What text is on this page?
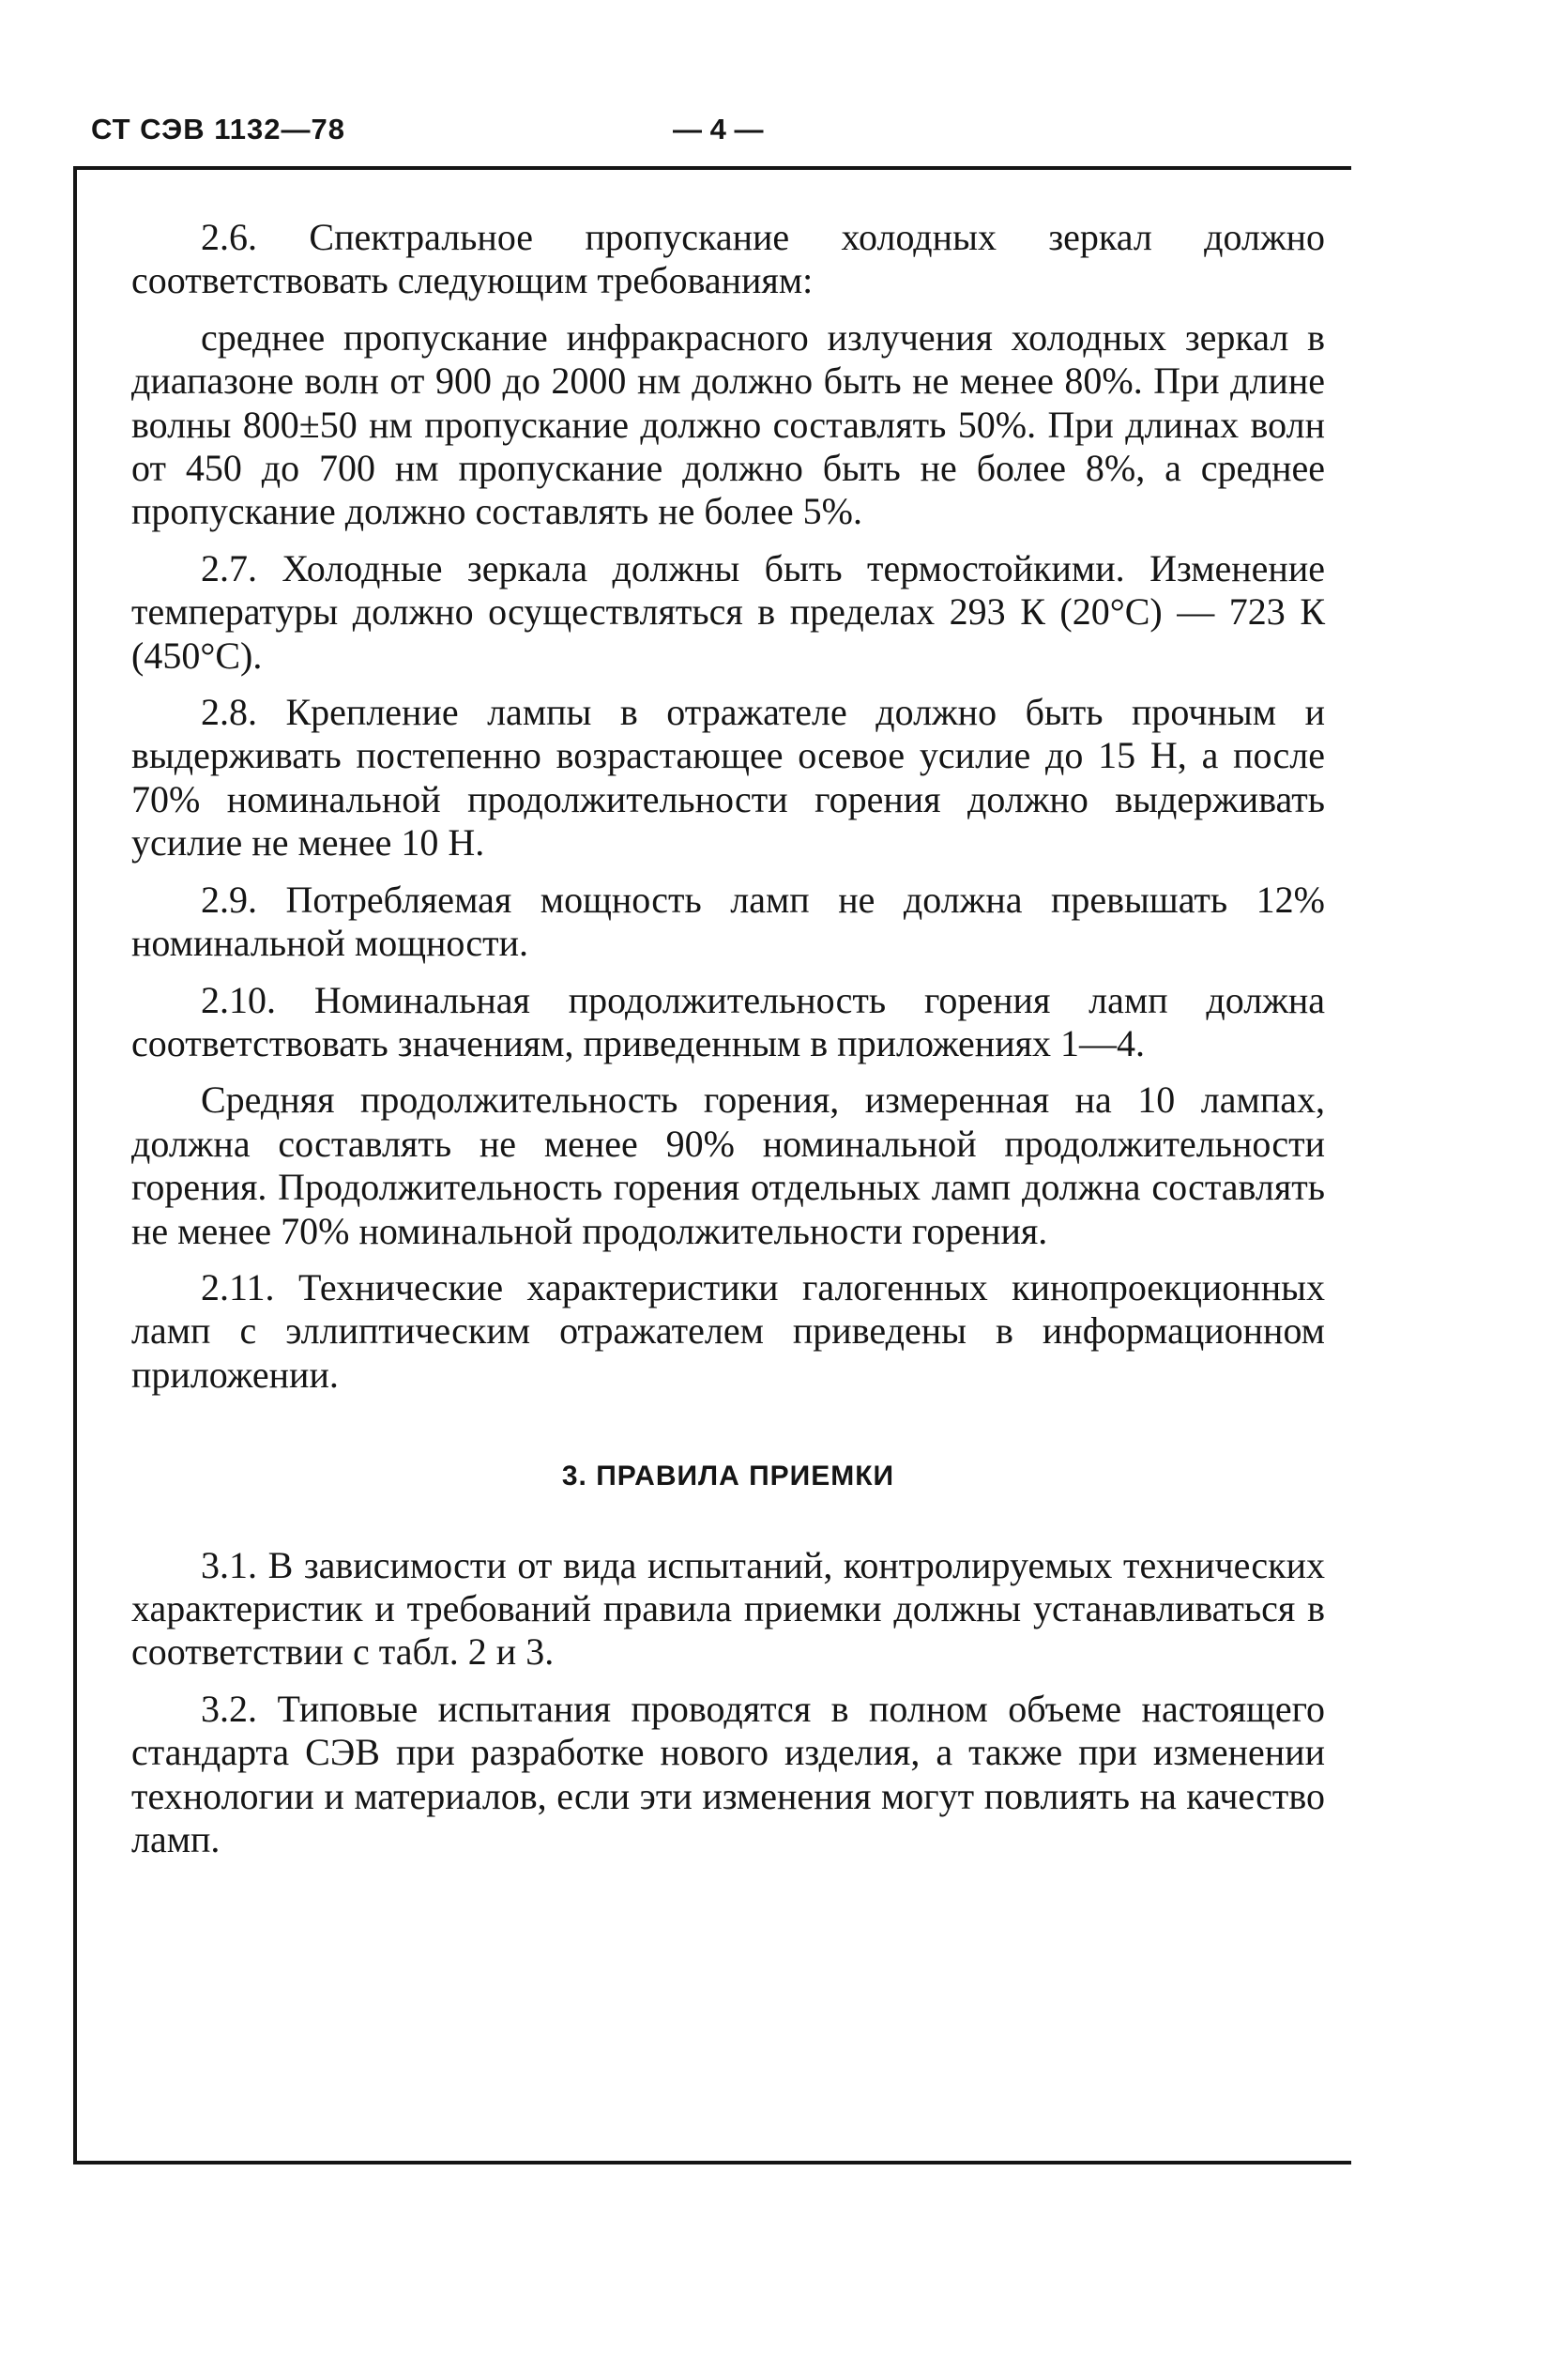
СТ СЭВ 1132—78	— 4 —

2.6. Спектральное пропускание холодных зеркал должно соответствовать следующим требованиям:

среднее пропускание инфракрасного излучения холодных зеркал в диапазоне волн от 900 до 2000 нм должно быть не менее 80%. При длине волны 800±50 нм пропускание должно составлять 50%. При длинах волн от 450 до 700 нм пропускание должно быть не более 8%, а среднее пропускание должно составлять не более 5%.

2.7. Холодные зеркала должны быть термостойкими. Изменение температуры должно осуществляться в пределах 293 К (20°С) — 723 К (450°С).

2.8. Крепление лампы в отражателе должно быть прочным и выдерживать постепенно возрастающее осевое усилие до 15 Н, а после 70% номинальной продолжительности горения должно выдерживать усилие не менее 10 Н.

2.9. Потребляемая мощность ламп не должна превышать 12% номинальной мощности.

2.10. Номинальная продолжительность горения ламп должна соответствовать значениям, приведенным в приложениях 1—4.

Средняя продолжительность горения, измеренная на 10 лампах, должна составлять не менее 90% номинальной продолжительности горения. Продолжительность горения отдельных ламп должна составлять не менее 70% номинальной продолжительности горения.

2.11. Технические характеристики галогенных кинопроекционных ламп с эллиптическим отражателем приведены в информационном приложении.

3. ПРАВИЛА ПРИЕМКИ

3.1. В зависимости от вида испытаний, контролируемых технических характеристик и требований правила приемки должны устанавливаться в соответствии с табл. 2 и 3.

3.2. Типовые испытания проводятся в полном объеме настоящего стандарта СЭВ при разработке нового изделия, а также при изменении технологии и материалов, если эти изменения могут повлиять на качество ламп.
